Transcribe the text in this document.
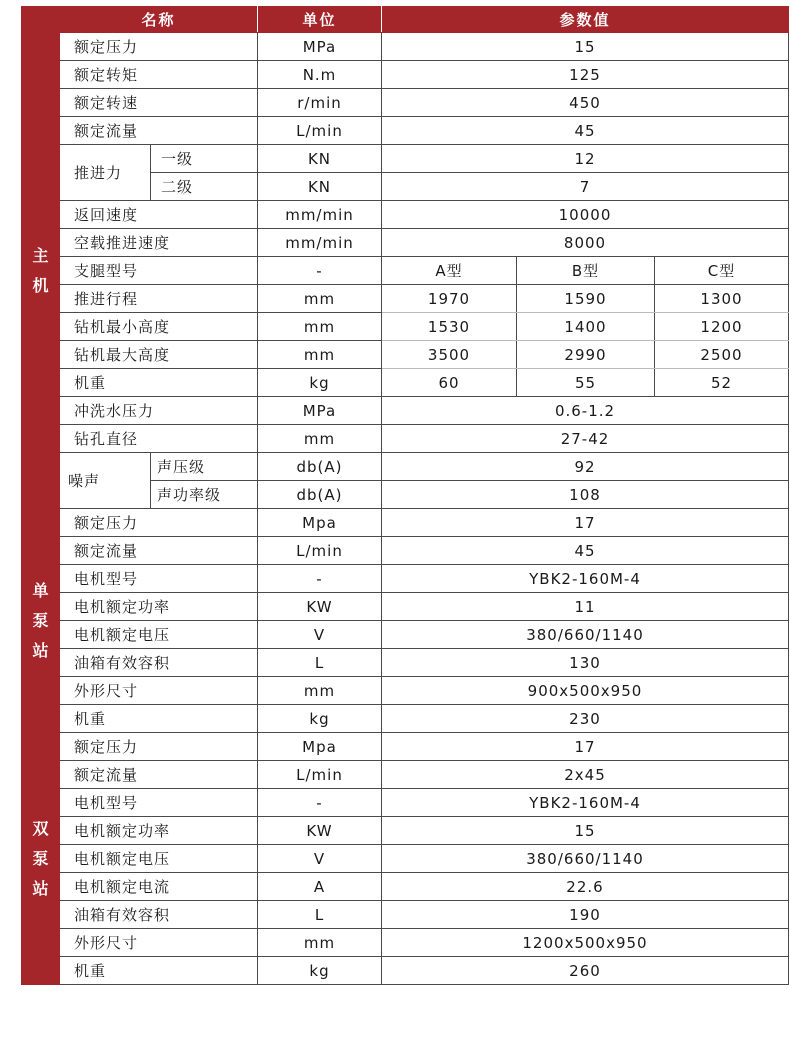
	名称		单位	参数值		
主
机	额定压力		MPa	15		
	额定转矩		N.m	125		
	额定转速		r/min	450		
	额定流量		L/min	45		
	推进力	一级	KN	12		
		二级	KN	7		
	返回速度		mm/min	10000		
	空载推进速度		mm/min	8000		
	支腿型号		-	A型	B型	C型
	推进行程		mm	1970	1590	1300
	钻机最小高度		mm	1530	1400	1200
	钻机最大高度		mm	3500	2990	2500
	机重		kg	60	55	52
	冲洗水压力		MPa	0.6-1.2		
	钻孔直径		mm	27-42		
	噪声	声压级	db(A)	92		
		声功率级	db(A)	108		
单
泵
站	额定压力		Mpa	17		
	额定流量		L/min	45		
	电机型号		-	YBK2-160M-4		
	电机额定功率		KW	11		
	电机额定电压		V	380/660/1140		
	油箱有效容积		L	130		
	外形尺寸		mm	900x500x950		
	机重		kg	230		
双
泵
站	额定压力		Mpa	17		
	额定流量		L/min	2x45		
	电机型号		-	YBK2-160M-4		
	电机额定功率		KW	15		
	电机额定电压		V	380/660/1140		
	电机额定电流		A	22.6		
	油箱有效容积		L	190		
	外形尺寸		mm	1200x500x950		
	机重		kg	260		
